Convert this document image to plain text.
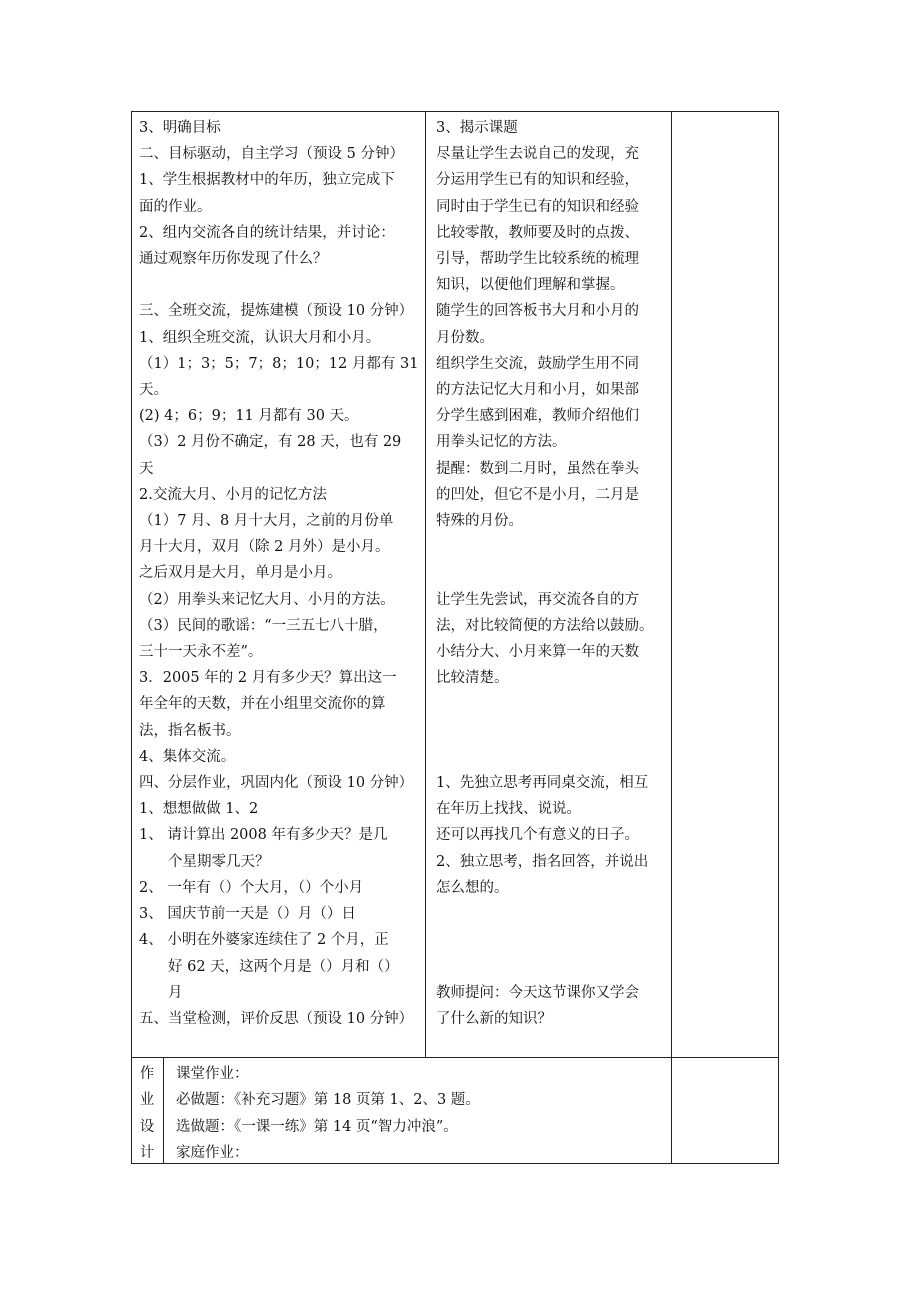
3、明确目标

二、目标驱动，自主学习（预设 5 分钟）

1、学生根据教材中的年历，独立完成下

面的作业。

2、组内交流各自的统计结果，并讨论：

通过观察年历你发现了什么？

三、全班交流，提炼建模（预设 10 分钟）

1、组织全班交流，认识大月和小月。

（1）1；3；5；7；8；10；12 月都有 31

天。

(2) 4；6；9；11 月都有 30 天。

（3）2 月份不确定，有 28 天，也有 29

天

2.交流大月、小月的记忆方法

（1）7 月、8 月十大月，之前的月份单

月十大月，双月（除 2 月外）是小月。

之后双月是大月，单月是小月。

（2）用拳头来记忆大月、小月的方法。

（3）民间的歌谣：“一三五七八十腊，

三十一天永不差”。

3．2005 年的 2 月有多少天？算出这一

年全年的天数，并在小组里交流你的算

法，指名板书。

4、集体交流。

四、分层作业，巩固内化（预设 10 分钟）

1、想想做做 1、2

1、 请计算出 2008 年有多少天？是几

个星期零几天？

2、 一年有（）个大月，（）个小月

3、 国庆节前一天是（）月（）日

4、 小明在外婆家连续住了 2 个月，正

好 62 天，这两个月是（）月和（）

月

五、当堂检测，评价反思（预设 10 分钟）

3、揭示课题

尽量让学生去说自己的发现，充

分运用学生已有的知识和经验，

同时由于学生已有的知识和经验

比较零散，教师要及时的点拨、

引导，帮助学生比较系统的梳理

知识，以便他们理解和掌握。

随学生的回答板书大月和小月的

月份数。

组织学生交流，鼓励学生用不同

的方法记忆大月和小月，如果部

分学生感到困难，教师介绍他们

用拳头记忆的方法。

提醒：数到二月时，虽然在拳头

的凹处，但它不是小月，二月是

特殊的月份。

让学生先尝试，再交流各自的方

法，对比较简便的方法给以鼓励。

小结分大、小月来算一年的天数

比较清楚。

1、先独立思考再同桌交流，相互

在年历上找找、说说。

还可以再找几个有意义的日子。

2、独立思考，指名回答，并说出

怎么想的。

教师提问：今天这节课你又学会

了什么新的知识？

作

业

设

计

课堂作业：

必做题：《补充习题》第 18 页第 1、2、3 题。

选做题：《一课一练》第 14 页“智力冲浪”。

家庭作业：
